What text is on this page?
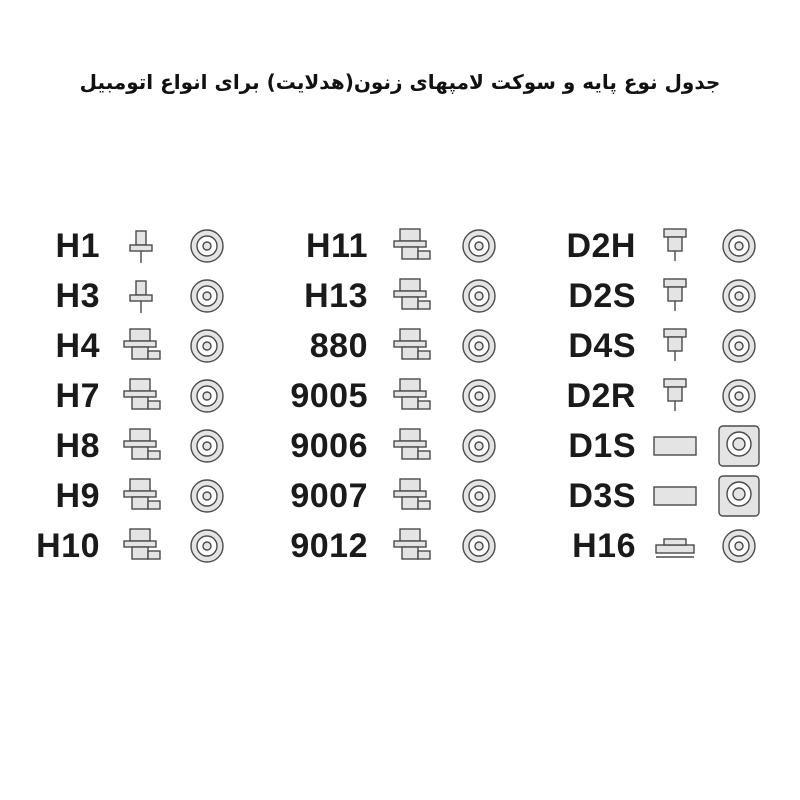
جدول نوع پایه و سوکت لامپهای زنون(هدلایت) برای انواع اتومبیل
H1
H3
H4
H7
H8
H9
H10
H11
H13
880
9005
9006
9007
9012
D2H
D2S
D4S
D2R
D1S
D3S
H16
